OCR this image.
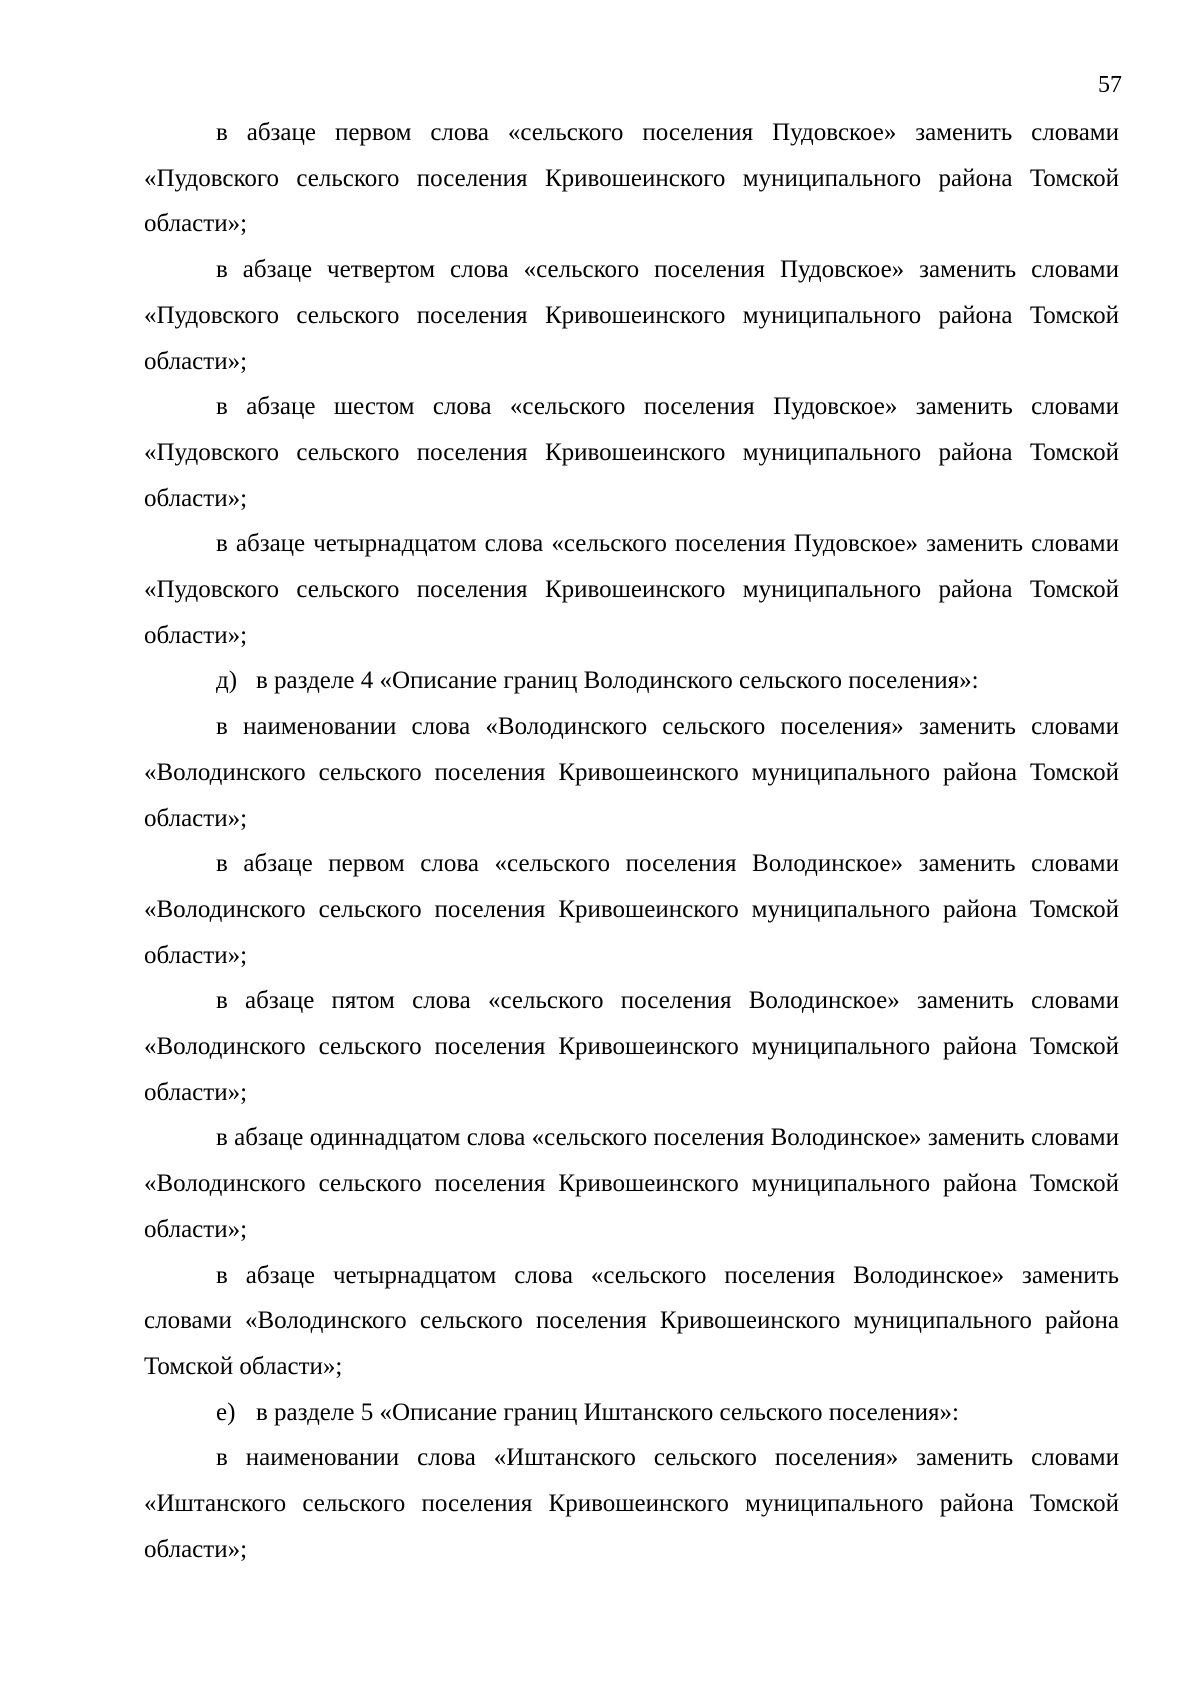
57

в абзаце первом слова «сельского поселения Пудовское» заменить словами «Пудовского сельского поселения Кривошеинского муниципального района Томской области»;

в абзаце четвертом слова «сельского поселения Пудовское» заменить словами «Пудовского сельского поселения Кривошеинского муниципального района Томской области»;

в абзаце шестом слова «сельского поселения Пудовское» заменить словами «Пудовского сельского поселения Кривошеинского муниципального района Томской области»;

в абзаце четырнадцатом слова «сельского поселения Пудовское» заменить словами «Пудовского сельского поселения Кривошеинского муниципального района Томской области»;

д) в разделе 4 «Описание границ Володинского сельского поселения»:

в наименовании слова «Володинского сельского поселения» заменить словами «Володинского сельского поселения Кривошеинского муниципального района Томской области»;

в абзаце первом слова «сельского поселения Володинское» заменить словами «Володинского сельского поселения Кривошеинского муниципального района Томской области»;

в абзаце пятом слова «сельского поселения Володинское» заменить словами «Володинского сельского поселения Кривошеинского муниципального района Томской области»;

в абзаце одиннадцатом слова «сельского поселения Володинское» заменить словами «Володинского сельского поселения Кривошеинского муниципального района Томской области»;

в абзаце четырнадцатом слова «сельского поселения Володинское» заменить словами «Володинского сельского поселения Кривошеинского муниципального района Томской области»;

е) в разделе 5 «Описание границ Иштанского сельского поселения»:

в наименовании слова «Иштанского сельского поселения» заменить словами «Иштанского сельского поселения Кривошеинского муниципального района Томской области»;
